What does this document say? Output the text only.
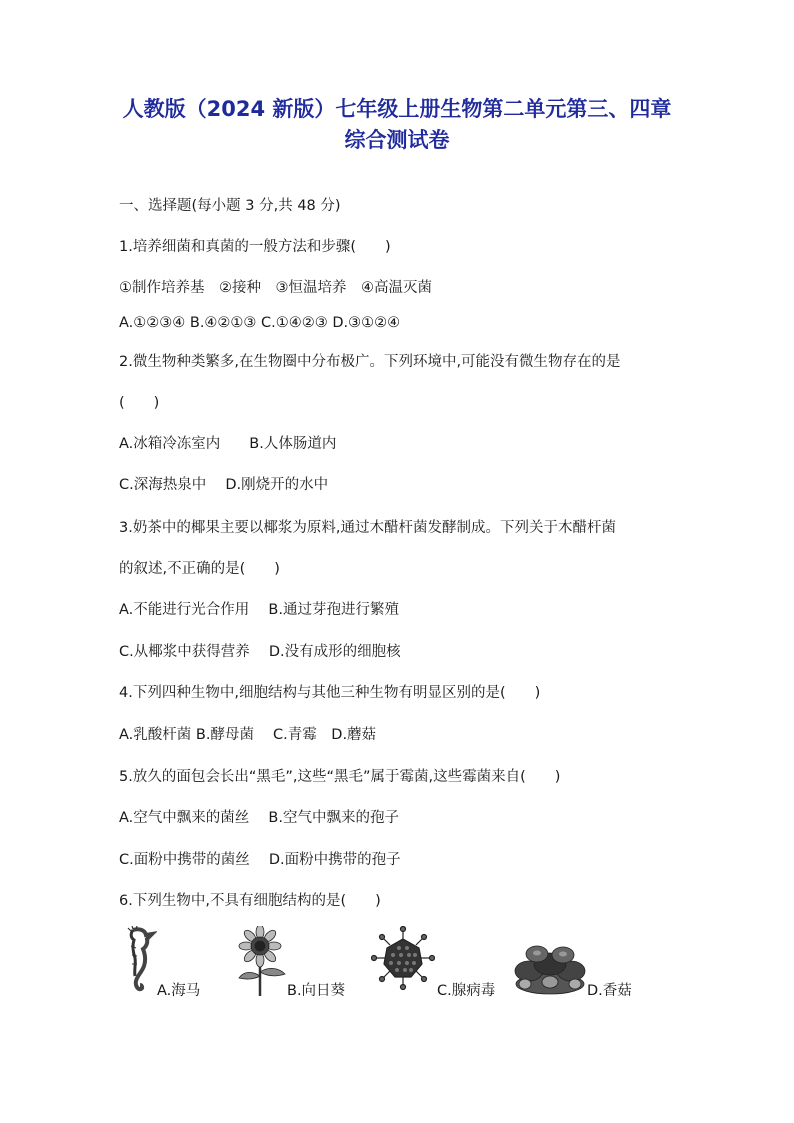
人教版（2024 新版）七年级上册生物第二单元第三、四章
综合测试卷
一、选择题(每小题 3 分,共 48 分)
1.培养细菌和真菌的一般方法和步骤(　　)
①制作培养基　②接种　③恒温培养　④高温灭菌
A.①②③④ B.④②①③ C.①④②③ D.③①②④
2.微生物种类繁多,在生物圈中分布极广。下列环境中,可能没有微生物存在的是
(　　)
A.冰箱冷冻室内　　B.人体肠道内
C.深海热泉中　 D.刚烧开的水中
3.奶茶中的椰果主要以椰浆为原料,通过木醋杆菌发酵制成。下列关于木醋杆菌
的叙述,不正确的是(　　)
A.不能进行光合作用　 B.通过芽孢进行繁殖
C.从椰浆中获得营养　 D.没有成形的细胞核
4.下列四种生物中,细胞结构与其他三种生物有明显区别的是(　　)
A.乳酸杆菌 B.酵母菌　 C.青霉　D.蘑菇
5.放久的面包会长出“黑毛”,这些“黑毛”属于霉菌,这些霉菌来自(　　)
A.空气中飘来的菌丝　 B.空气中飘来的孢子
C.面粉中携带的菌丝　 D.面粉中携带的孢子
6.下列生物中,不具有细胞结构的是(　　)
A.海马	B.向日葵	C.腺病毒	D.香菇
